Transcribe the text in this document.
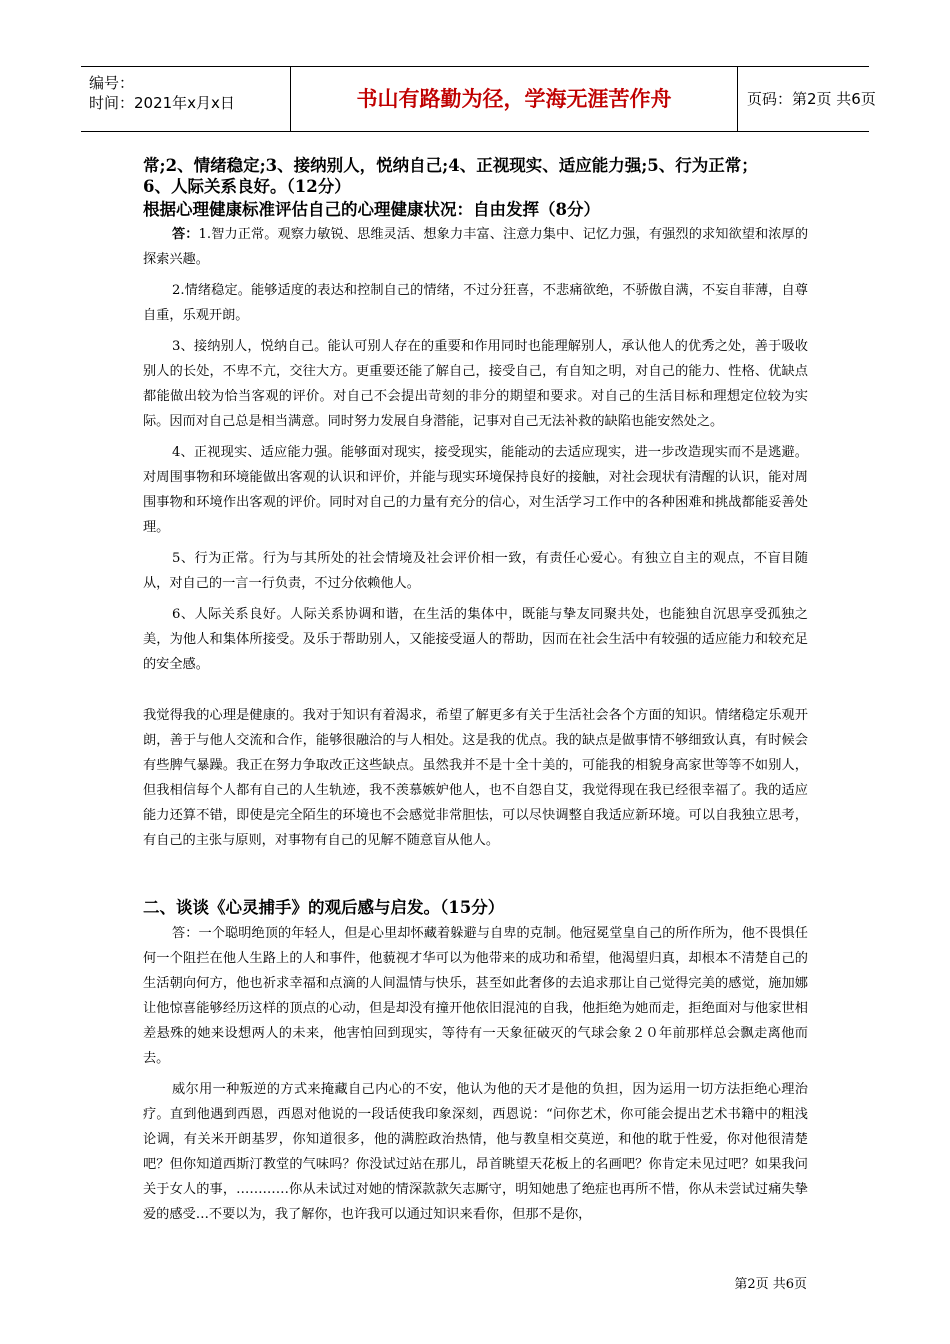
编号：
时间：2021年x月x日	书山有路勤为径，学海无涯苦作舟	页码：第2页 共6页
常;2、情绪稳定;3、接纳别人，悦纳自己;4、正视现实、适应能力强;5、行为正常；
6、人际关系良好。（12分）
根据心理健康标准评估自己的心理健康状况：自由发挥（8分）

答：1.智力正常。观察力敏锐、思维灵活、想象力丰富、注意力集中、记忆力强，有强烈的求知欲望和浓厚的探索兴趣。

2.情绪稳定。能够适度的表达和控制自己的情绪，不过分狂喜，不悲痛欲绝，不骄傲自满，不妄自菲薄，自尊自重，乐观开朗。

3、接纳别人，悦纳自己。能认可别人存在的重要和作用同时也能理解别人，承认他人的优秀之处，善于吸收别人的长处，不卑不亢，交往大方。更重要还能了解自己，接受自己，有自知之明，对自己的能力、性格、优缺点都能做出较为恰当客观的评价。对自己不会提出苛刻的非分的期望和要求。对自己的生活目标和理想定位较为实际。因而对自己总是相当满意。同时努力发展自身潜能，记事对自己无法补救的缺陷也能安然处之。

4、正视现实、适应能力强。能够面对现实，接受现实，能能动的去适应现实，进一步改造现实而不是逃避。对周围事物和环境能做出客观的认识和评价，并能与现实环境保持良好的接触，对社会现状有清醒的认识，能对周围事物和环境作出客观的评价。同时对自己的力量有充分的信心，对生活学习工作中的各种困难和挑战都能妥善处理。

5、行为正常。行为与其所处的社会情境及社会评价相一致，有责任心爱心。有独立自主的观点，不盲目随从，对自己的一言一行负责，不过分依赖他人。

6、人际关系良好。人际关系协调和谐，在生活的集体中，既能与挚友同聚共处，也能独自沉思享受孤独之美，为他人和集体所接受。及乐于帮助别人，又能接受逼人的帮助，因而在社会生活中有较强的适应能力和较充足的安全感。

我觉得我的心理是健康的。我对于知识有着渴求，希望了解更多有关于生活社会各个方面的知识。情绪稳定乐观开朗，善于与他人交流和合作，能够很融洽的与人相处。这是我的优点。我的缺点是做事情不够细致认真，有时候会有些脾气暴躁。我正在努力争取改正这些缺点。虽然我并不是十全十美的，可能我的相貌身高家世等等不如别人，但我相信每个人都有自己的人生轨迹，我不羡慕嫉妒他人，也不自怨自艾，我觉得现在我已经很幸福了。我的适应能力还算不错，即使是完全陌生的环境也不会感觉非常胆怯，可以尽快调整自我适应新环境。可以自我独立思考，有自己的主张与原则，对事物有自己的见解不随意盲从他人。

二、谈谈《心灵捕手》的观后感与启发。（15分）

答：一个聪明绝顶的年轻人，但是心里却怀藏着躲避与自卑的克制。他冠冕堂皇自己的所作所为，他不畏惧任何一个阻拦在他人生路上的人和事件，他藐视才华可以为他带来的成功和希望，他渴望归真，却根本不清楚自己的生活朝向何方，他也祈求幸福和点滴的人间温情与快乐，甚至如此奢侈的去追求那让自己觉得完美的感觉，施加娜让他惊喜能够经历这样的顶点的心动，但是却没有撞开他依旧混沌的自我，他拒绝为她而走，拒绝面对与他家世相差悬殊的她来设想两人的未来，他害怕回到现实，等待有一天象征破灭的气球会象２０年前那样总会飘走离他而去。

威尔用一种叛逆的方式来掩藏自己内心的不安，他认为他的天才是他的负担，因为运用一切方法拒绝心理治疗。直到他遇到西恩，西恩对他说的一段话使我印象深刻，西恩说：“问你艺术，你可能会提出艺术书籍中的粗浅论调，有关米开朗基罗，你知道很多，他的满腔政治热情，他与教皇相交莫逆，和他的耽于性爱，你对他很清楚吧？但你知道西斯汀教堂的气味吗？你没试过站在那儿，昂首眺望天花板上的名画吧？你肯定未见过吧？如果我问关于女人的事，…………你从未试过对她的情深款款矢志厮守，明知她患了绝症也再所不惜，你从未尝试过痛失挚爱的感受…不要以为，我了解你，也许我可以通过知识来看你，但那不是你，

第2页 共6页
